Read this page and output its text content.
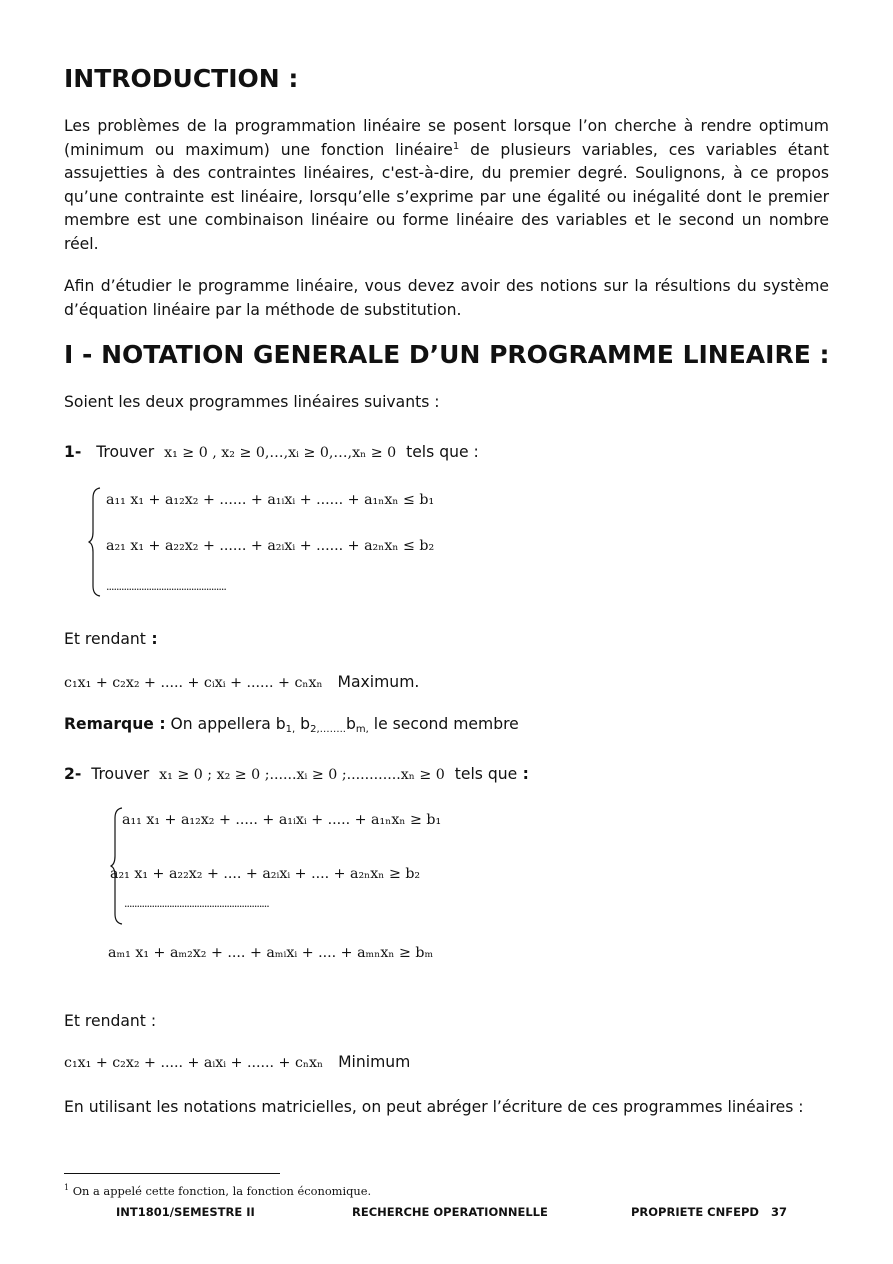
INTRODUCTION :

Les problèmes de la programmation linéaire se posent lorsque l’on cherche à rendre optimum (minimum ou maximum) une fonction linéaire$^1$ de plusieurs variables, ces variables étant assujetties à des contraintes linéaires, c'est-à-dire, du premier degré. Soulignons, à ce propos qu’une contrainte est linéaire, lorsqu’elle s’exprime par une égalité ou inégalité dont le premier membre est une combinaison linéaire ou forme linéaire des variables et le second un nombre réel.

Afin d’étudier le programme linéaire, vous devez avoir des notions sur la résultions du système d’équation linéaire par la méthode de substitution.

I - NOTATION GENERALE D’UN PROGRAMME LINEAIRE :
Soient les deux programmes linéaires suivants :
1- Trouver x₁ ≥ 0 , x₂ ≥ 0,…,xᵢ ≥ 0,…,xₙ ≥ 0 tels que :
a₁₁ x₁ + a₁₂x₂ + ...... + a₁ᵢxᵢ + ...... + a₁ₙxₙ ≤ b₁
a₂₁ x₁ + a₂₂x₂ + ...... + a₂ᵢxᵢ + ...... + a₂ₙxₙ ≤ b₂
................................................
Et rendant :
c₁x₁ + c₂x₂ + ..... + cᵢxᵢ + ...... + cₙxₙ Maximum.
Remarque : On appellera b1, b2,……..bm, le second membre
2- Trouver x₁ ≥ 0 ; x₂ ≥ 0 ;......xᵢ ≥ 0 ;............xₙ ≥ 0 tels que :
a₁₁ x₁ + a₁₂x₂ + ..... + a₁ᵢxᵢ + ..... + a₁ₙxₙ ≥ b₁
a₂₁ x₁ + a₂₂x₂ + .... + a₂ᵢxᵢ + .... + a₂ₙxₙ ≥ b₂
..........................................................
aₘ₁ x₁ + aₘ₂x₂ + .... + aₘᵢxᵢ + .... + aₘₙxₙ ≥ bₘ
Et rendant :
c₁x₁ + c₂x₂ + ..... + aᵢxᵢ + ...... + cₙxₙ Minimum

En utilisant les notations matricielles, on peut abréger l’écriture de ces programmes linéaires :

$^1$ On a appelé cette fonction, la fonction économique.
INT1801/SEMESTRE II	RECHERCHE OPERATIONNELLE	PROPRIETE CNFEPD 37
